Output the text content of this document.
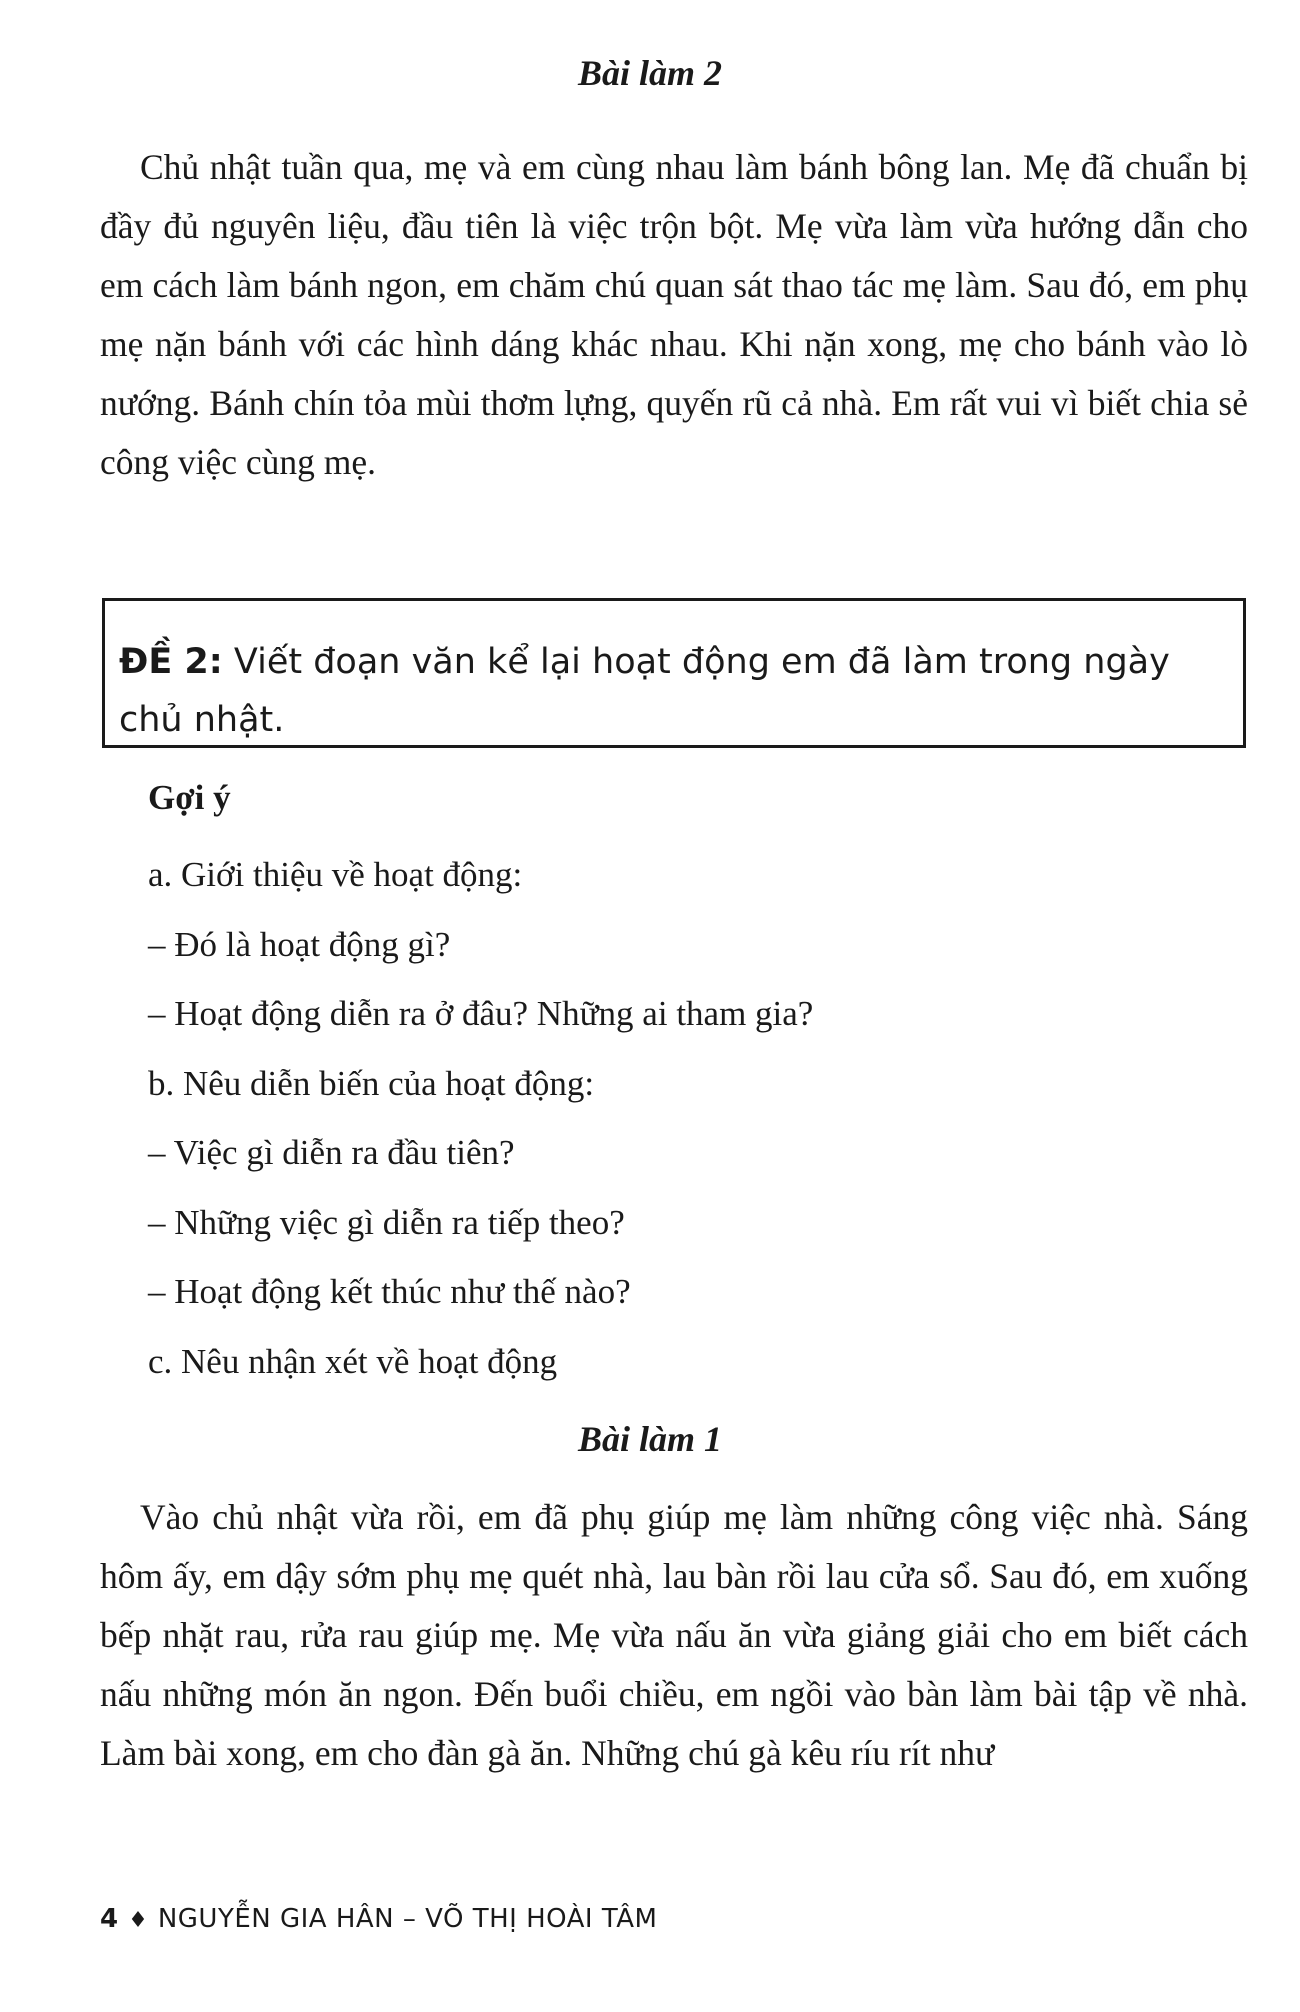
Bài làm 2

Chủ nhật tuần qua, mẹ và em cùng nhau làm bánh bông lan. Mẹ đã chuẩn bị đầy đủ nguyên liệu, đầu tiên là việc trộn bột. Mẹ vừa làm vừa hướng dẫn cho em cách làm bánh ngon, em chăm chú quan sát thao tác mẹ làm. Sau đó, em phụ mẹ nặn bánh với các hình dáng khác nhau. Khi nặn xong, mẹ cho bánh vào lò nướng. Bánh chín tỏa mùi thơm lựng, quyến rũ cả nhà. Em rất vui vì biết chia sẻ công việc cùng mẹ.

ĐỀ 2: Viết đoạn văn kể lại hoạt động em đã làm trong ngày chủ nhật.
Gợi ý
a. Giới thiệu về hoạt động:
– Đó là hoạt động gì?
– Hoạt động diễn ra ở đâu? Những ai tham gia?
b. Nêu diễn biến của hoạt động:
– Việc gì diễn ra đầu tiên?
– Những việc gì diễn ra tiếp theo?
– Hoạt động kết thúc như thế nào?
c. Nêu nhận xét về hoạt động
Bài làm 1

Vào chủ nhật vừa rồi, em đã phụ giúp mẹ làm những công việc nhà. Sáng hôm ấy, em dậy sớm phụ mẹ quét nhà, lau bàn rồi lau cửa sổ. Sau đó, em xuống bếp nhặt rau, rửa rau giúp mẹ. Mẹ vừa nấu ăn vừa giảng giải cho em biết cách nấu những món ăn ngon. Đến buổi chiều, em ngồi vào bàn làm bài tập về nhà. Làm bài xong, em cho đàn gà ăn. Những chú gà kêu ríu rít như

4 ♦ NGUYỄN GIA HÂN – VÕ THỊ HOÀI TÂM
